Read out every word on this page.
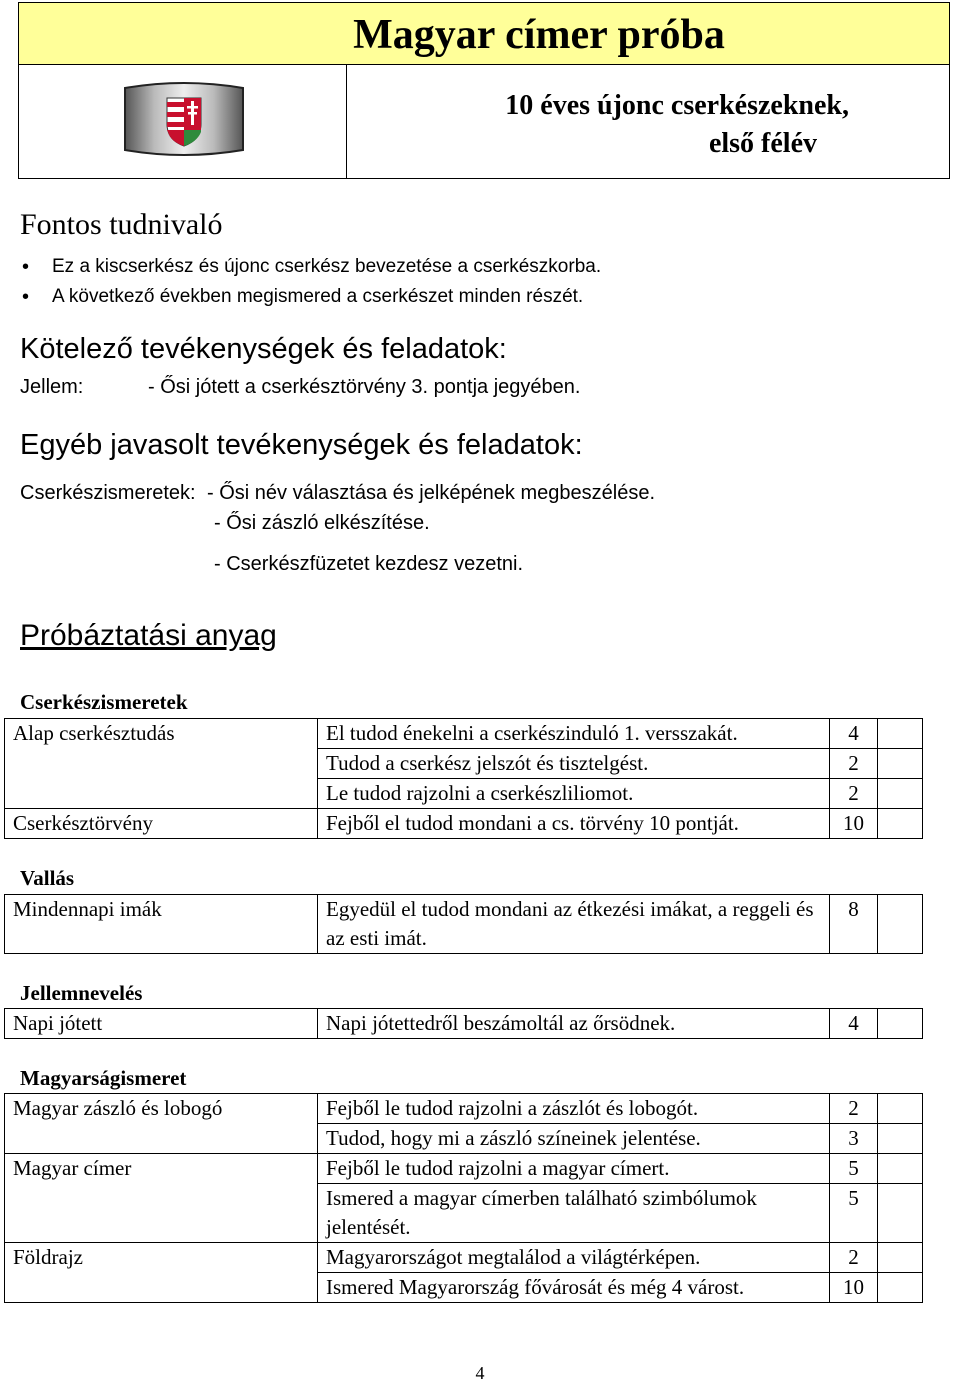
Magyar címer próba
10 éves újonc cserkészeknek,
első félév
Fontos tudnivaló
• Ez a kiscserkész és újonc cserkész bevezetése a cserkészkorba.
• A következő években megismered a cserkészet minden részét.
Kötelező tevékenységek és feladatok:
Jellem:	- Ősi jótett a cserkésztörvény 3. pontja jegyében.
Egyéb javasolt tevékenységek és feladatok:
Cserkészismeretek: - Ősi név választása és jelképének megbeszélése.
- Ősi zászló elkészítése.
- Cserkészfüzetet kezdesz vezetni.
Próbáztatási anyag
Cserkészismeretek
Alap cserkésztudás	El tudod énekelni a cserkészinduló 1. versszakát.	4	
	Tudod a cserkész jelszót és tisztelgést.	2	
	Le tudod rajzolni a cserkészliliomot.	2	
Cserkésztörvény	Fejből el tudod mondani a cs. törvény 10 pontját.	10	
Vallás
Mindennapi imák	Egyedül el tudod mondani az étkezési imákat, a reggeli és az esti imát.	8	
Jellemnevelés
Napi jótett	Napi jótettedről beszámoltál az őrsödnek.	4	
Magyarságismeret
Magyar zászló és lobogó	Fejből le tudod rajzolni a zászlót és lobogót.	2	
	Tudod, hogy mi a zászló színeinek jelentése.	3	
Magyar címer	Fejből le tudod rajzolni a magyar címert.	5	
	Ismered a magyar címerben található szimbólumok jelentését.	5	
Földrajz	Magyarországot megtalálod a világtérképen.	2	
	Ismered Magyarország fővárosát és még 4 várost.	10	
4
